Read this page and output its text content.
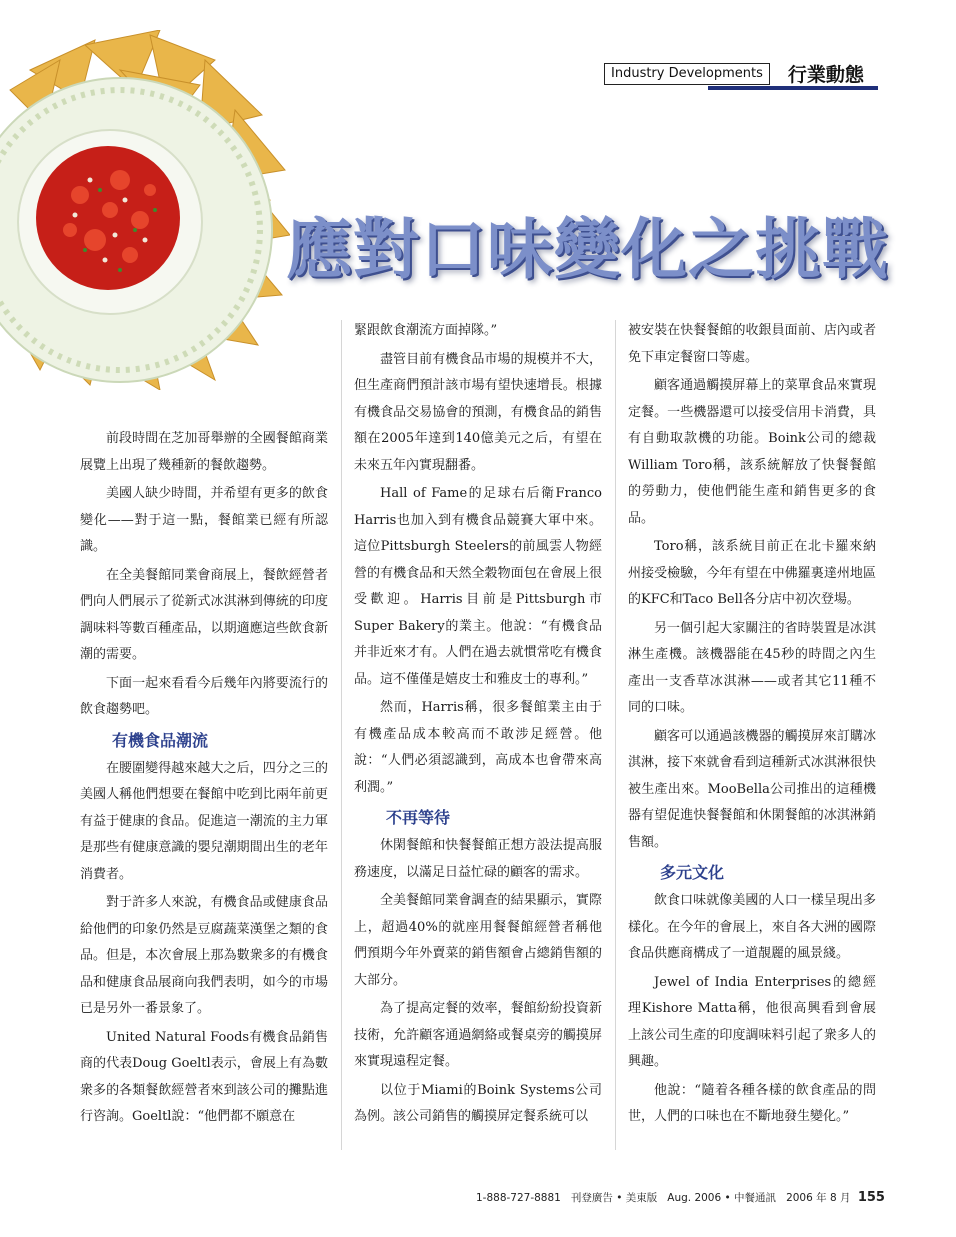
Industry Developments	行業動態
應對口味變化之挑戰

前段時間在芝加哥舉辦的全國餐館商業展覽上出現了幾種新的餐飲趨勢。

美國人缺少時間，并希望有更多的飲食變化——對于這一點，餐館業已經有所認識。

在全美餐館同業會商展上，餐飲經營者們向人們展示了從新式冰淇淋到傳統的印度調味料等數百種產品，以期適應這些飲食新潮的需要。

下面一起來看看今后幾年內將要流行的飲食趨勢吧。

有機食品潮流

在腰圍變得越來越大之后，四分之三的美國人稱他們想要在餐館中吃到比兩年前更有益于健康的食品。促進這一潮流的主力軍是那些有健康意識的嬰兒潮期間出生的老年消費者。

對于許多人來說，有機食品或健康食品給他們的印象仍然是豆腐蔬菜漢堡之類的食品。但是，本次會展上那為數衆多的有機食品和健康食品展商向我們表明，如今的市場已是另外一番景象了。

United Natural Foods有機食品銷售商的代表Doug Goeltl表示，會展上有為數衆多的各類餐飲經營者來到該公司的攤點進行咨詢。Goeltl說：“他們都不願意在

緊跟飲食潮流方面掉隊。”

盡管目前有機食品市場的規模并不大，但生產商們預計該市場有望快速增長。根據有機食品交易協會的預測，有機食品的銷售額在2005年達到140億美元之后，有望在未來五年內實現翻番。

Hall of Fame的足球右后衛Franco Harris也加入到有機食品競賽大軍中來。這位Pittsburgh Steelers的前風雲人物經營的有機食品和天然全穀物面包在會展上很受歡迎。Harris目前是Pittsburgh市Super Bakery的業主。他說：“有機食品并非近來才有。人們在過去就慣常吃有機食品。這不僅僅是嬉皮士和雅皮士的專利。”

然而，Harris稱，很多餐館業主由于有機產品成本較高而不敢涉足經營。他說：“人們必須認識到，高成本也會帶來高利潤。”

不再等待

休閑餐館和快餐餐館正想方設法提高服務速度，以滿足日益忙碌的顧客的需求。

全美餐館同業會調查的結果顯示，實際上，超過40%的就座用餐餐館經營者稱他們預期今年外賣菜的銷售額會占總銷售額的大部分。

為了提高定餐的效率，餐館紛紛投資新技術，允許顧客通過網絡或餐桌旁的觸摸屏來實現遠程定餐。

以位于Miami的Boink Systems公司為例。該公司銷售的觸摸屏定餐系統可以

被安裝在快餐餐館的收銀員面前、店內或者免下車定餐窗口等處。

顧客通過觸摸屏幕上的菜單食品來實現定餐。一些機器還可以接受信用卡消費，具有自動取款機的功能。Boink公司的總裁William Toro稱，該系統解放了快餐餐館的勞動力，使他們能生產和銷售更多的食品。

Toro稱，該系統目前正在北卡羅來納州接受檢驗，今年有望在中佛羅裏達州地區的KFC和Taco Bell各分店中初次登場。

另一個引起大家關注的省時裝置是冰淇淋生產機。該機器能在45秒的時間之內生產出一支香草冰淇淋——或者其它11種不同的口味。

顧客可以通過該機器的觸摸屏來訂購冰淇淋，接下來就會看到這種新式冰淇淋很快被生產出來。MooBella公司推出的這種機器有望促進快餐餐館和休閑餐館的冰淇淋銷售額。

多元文化

飲食口味就像美國的人口一樣呈現出多樣化。在今年的會展上，來自各大洲的國際食品供應商構成了一道靚麗的風景綫。

Jewel of India Enterprises的總經理Kishore Matta稱，他很高興看到會展上該公司生產的印度調味料引起了衆多人的興趣。

他說：“隨着各種各樣的飲食產品的問世，人們的口味也在不斷地發生變化。”

1-888-727-8881 刊登廣告 • 美東版 Aug. 2006 • 中餐通訊 2006 年 8 月 155
